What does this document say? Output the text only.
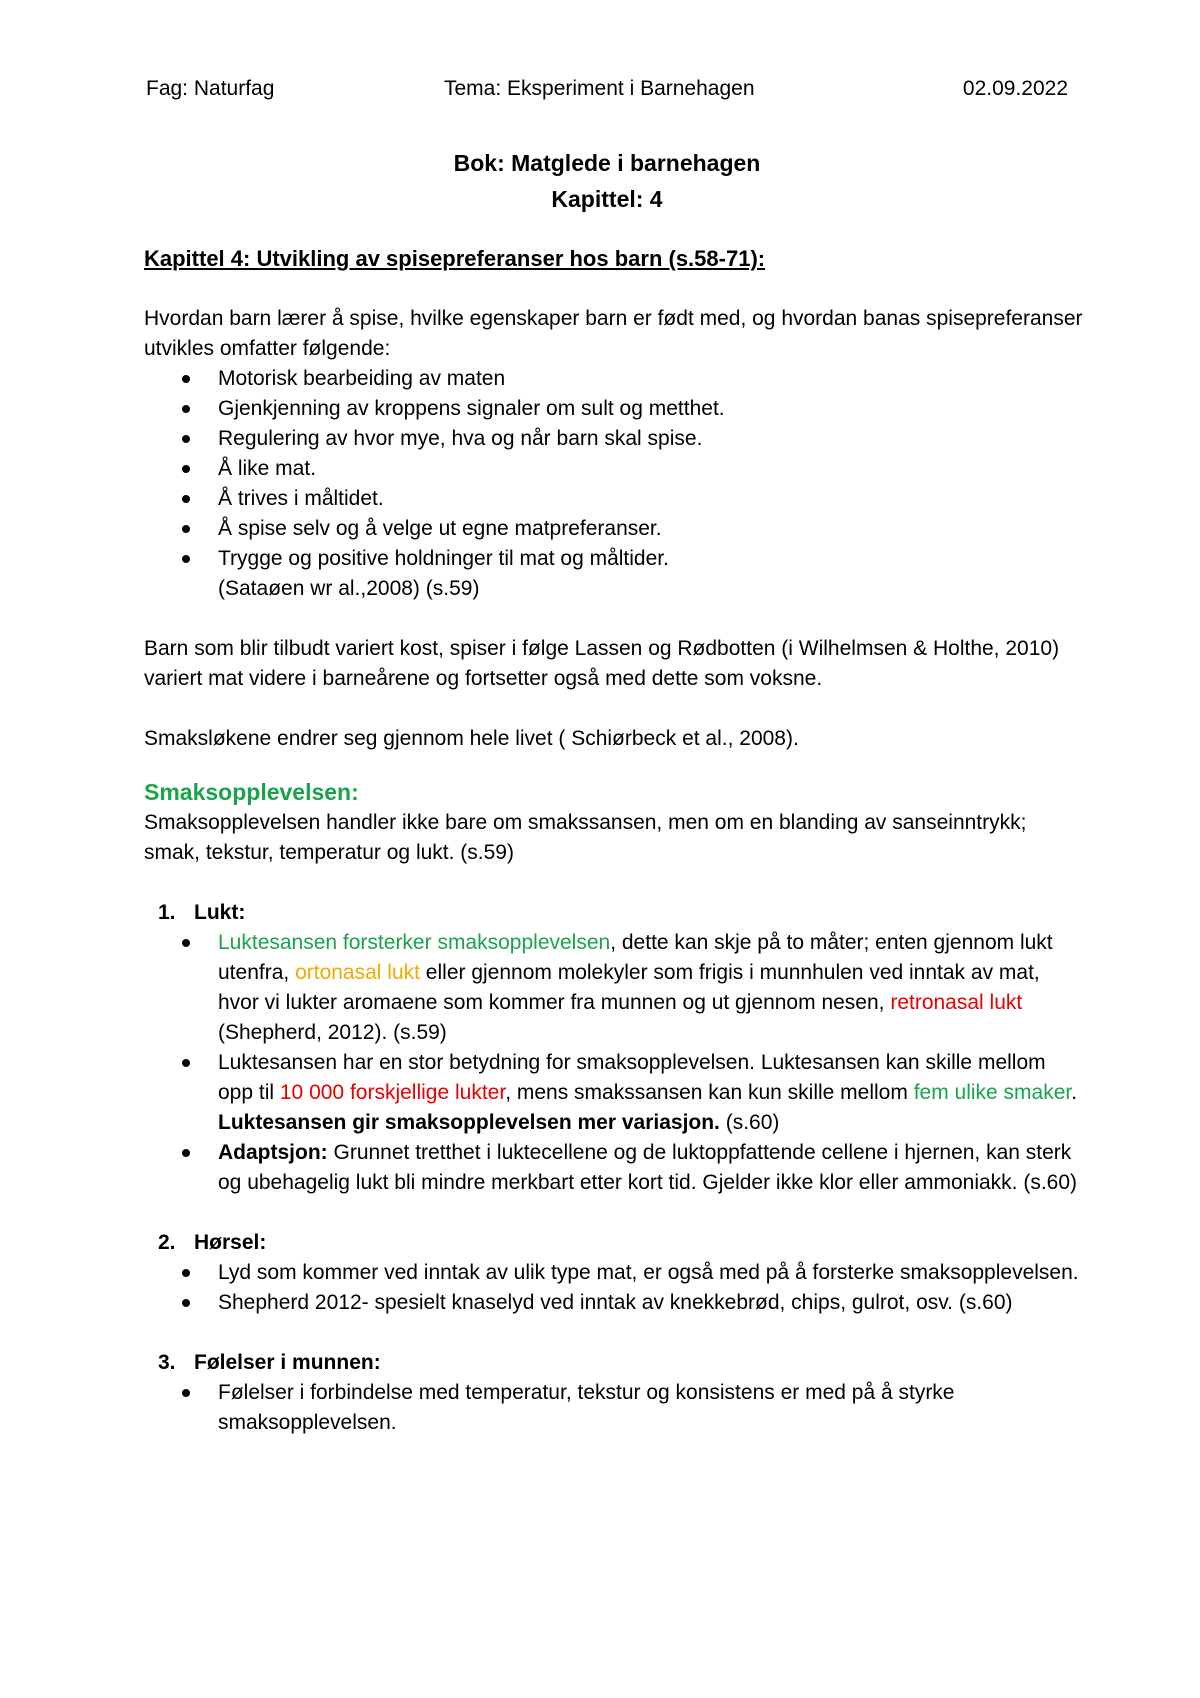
Fag: Naturfag	Tema: Eksperiment i Barnehagen	02.09.2022
Bok: Matglede i barnehagen
Kapittel: 4
Kapittel 4: Utvikling av spisepreferanser hos barn (s.58-71):

Hvordan barn lærer å spise, hvilke egenskaper barn er født med, og hvordan banas spisepreferanser utvikles omfatter følgende:

Motorisk bearbeiding av maten
Gjenkjenning av kroppens signaler om sult og metthet.
Regulering av hvor mye, hva og når barn skal spise.
Å like mat.
Å trives i måltidet.
Å spise selv og å velge ut egne matpreferanser.
Trygge og positive holdninger til mat og måltider.
(Sataøen wr al.,2008) (s.59)

Barn som blir tilbudt variert kost, spiser i følge Lassen og Rødbotten (i Wilhelmsen & Holthe, 2010) variert mat videre i barneårene og fortsetter også med dette som voksne.

Smaksløkene endrer seg gjennom hele livet ( Schiørbeck et al., 2008).

Smaksopplevelsen:

Smaksopplevelsen handler ikke bare om smakssansen, men om en blanding av sanseinntrykk; smak, tekstur, temperatur og lukt. (s.59)

1. Lukt:
Luktesansen forsterker smaksopplevelsen, dette kan skje på to måter; enten gjennom lukt utenfra, ortonasal lukt eller gjennom molekyler som frigis i munnhulen ved inntak av mat, hvor vi lukter aromaene som kommer fra munnen og ut gjennom nesen, retronasal lukt (Shepherd, 2012). (s.59)
Luktesansen har en stor betydning for smaksopplevelsen. Luktesansen kan skille mellom opp til 10 000 forskjellige lukter, mens smakssansen kan kun skille mellom fem ulike smaker. Luktesansen gir smaksopplevelsen mer variasjon. (s.60)
Adaptsjon: Grunnet tretthet i luktecellene og de luktoppfattende cellene i hjernen, kan sterk og ubehagelig lukt bli mindre merkbart etter kort tid. Gjelder ikke klor eller ammoniakk. (s.60)
2. Hørsel:
Lyd som kommer ved inntak av ulik type mat, er også med på å forsterke smaksopplevelsen.
Shepherd 2012- spesielt knaselyd ved inntak av knekkebrød, chips, gulrot, osv. (s.60)
3. Følelser i munnen:
Følelser i forbindelse med temperatur, tekstur og konsistens er med på å styrke smaksopplevelsen.
